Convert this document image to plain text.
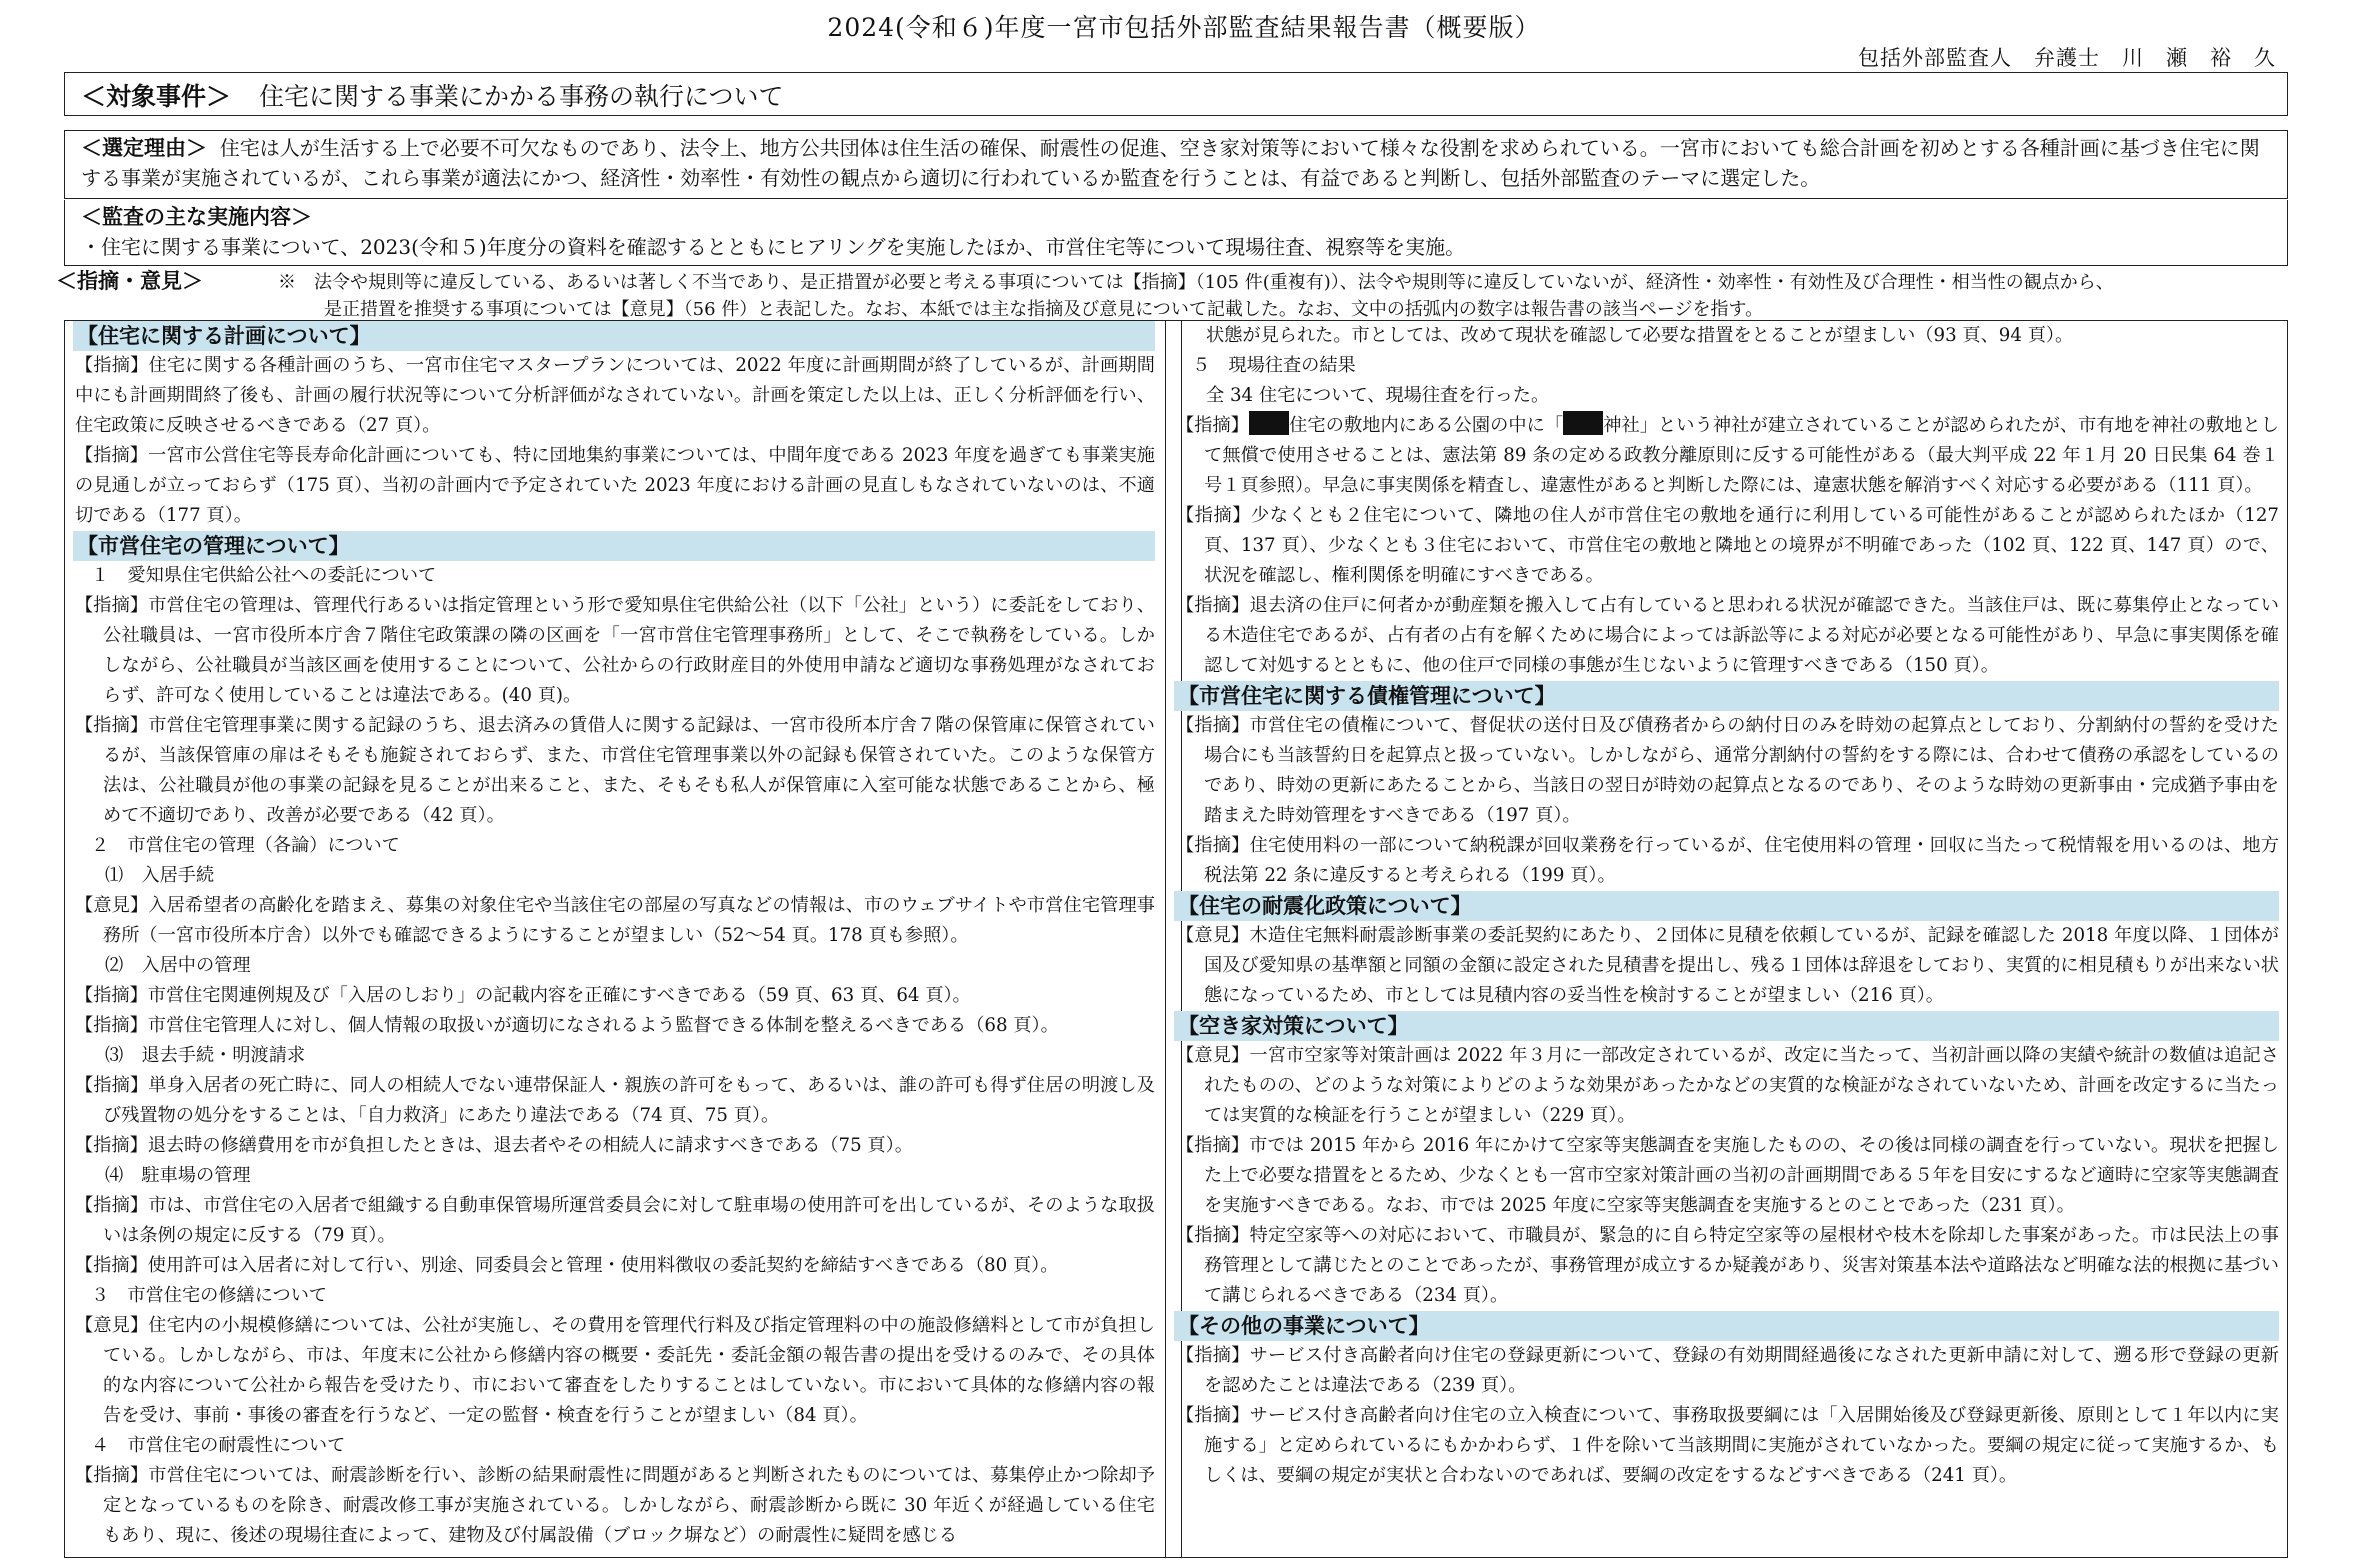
2024(令和６)年度一宮市包括外部監査結果報告書（概要版）
包括外部監査人　弁護士　川　瀬　裕　久
＜対象事件＞ 住宅に関する事業にかかる事務の執行について
＜選定理由＞ 住宅は人が生活する上で必要不可欠なものであり、法令上、地方公共団体は住生活の確保、耐震性の促進、空き家対策等において様々な役割を求められている。一宮市においても総合計画を初めとする各種計画に基づき住宅に関する事業が実施されているが、これら事業が適法にかつ、経済性・効率性・有効性の観点から適切に行われているか監査を行うことは、有益であると判断し、包括外部監査のテーマに選定した。
＜監査の主な実施内容＞
・住宅に関する事業について、2023(令和５)年度分の資料を確認するとともにヒアリングを実施したほか、市営住宅等について現場往査、視察等を実施。
＜指摘・意見＞	※　法令や規則等に違反している、あるいは著しく不当であり、是正措置が必要と考える事項については【指摘】（105 件(重複有)）、法令や規則等に違反していないが、経済性・効率性・有効性及び合理性・相当性の観点から、
是正措置を推奨する事項については【意見】（56 件）と表記した。なお、本紙では主な指摘及び意見について記載した。なお、文中の括弧内の数字は報告書の該当ページを指す。
【住宅に関する計画について】
【指摘】住宅に関する各種計画のうち、一宮市住宅マスタープランについては、2022 年度に計画期間が終了しているが、計画期間中にも計画期間終了後も、計画の履行状況等について分析評価がなされていない。計画を策定した以上は、正しく分析評価を行い、住宅政策に反映させるべきである（27 頁）。
【指摘】一宮市公営住宅等長寿命化計画についても、特に団地集約事業については、中間年度である 2023 年度を過ぎても事業実施の見通しが立っておらず（175 頁）、当初の計画内で予定されていた 2023 年度における計画の見直しもなされていないのは、不適切である（177 頁）。
【市営住宅の管理について】
１　愛知県住宅供給公社への委託について
【指摘】市営住宅の管理は、管理代行あるいは指定管理という形で愛知県住宅供給公社（以下「公社」という）に委託をしており、公社職員は、一宮市役所本庁舎７階住宅政策課の隣の区画を「一宮市営住宅管理事務所」として、そこで執務をしている。しかしながら、公社職員が当該区画を使用することについて、公社からの行政財産目的外使用申請など適切な事務処理がなされておらず、許可なく使用していることは違法である。(40 頁)。
【指摘】市営住宅管理事業に関する記録のうち、退去済みの賃借人に関する記録は、一宮市役所本庁舎７階の保管庫に保管されているが、当該保管庫の扉はそもそも施錠されておらず、また、市営住宅管理事業以外の記録も保管されていた。このような保管方法は、公社職員が他の事業の記録を見ることが出来ること、また、そもそも私人が保管庫に入室可能な状態であることから、極めて不適切であり、改善が必要である（42 頁）。
２　市営住宅の管理（各論）について
⑴　入居手続
【意見】入居希望者の高齢化を踏まえ、募集の対象住宅や当該住宅の部屋の写真などの情報は、市のウェブサイトや市営住宅管理事務所（一宮市役所本庁舎）以外でも確認できるようにすることが望ましい（52～54 頁。178 頁も参照）。
⑵　入居中の管理
【指摘】市営住宅関連例規及び「入居のしおり」の記載内容を正確にすべきである（59 頁、63 頁、64 頁）。
【指摘】市営住宅管理人に対し、個人情報の取扱いが適切になされるよう監督できる体制を整えるべきである（68 頁）。
⑶　退去手続・明渡請求
【指摘】単身入居者の死亡時に、同人の相続人でない連帯保証人・親族の許可をもって、あるいは、誰の許可も得ず住居の明渡し及び残置物の処分をすることは、「自力救済」にあたり違法である（74 頁、75 頁）。
【指摘】退去時の修繕費用を市が負担したときは、退去者やその相続人に請求すべきである（75 頁）。
⑷　駐車場の管理
【指摘】市は、市営住宅の入居者で組織する自動車保管場所運営委員会に対して駐車場の使用許可を出しているが、そのような取扱いは条例の規定に反する（79 頁）。
【指摘】使用許可は入居者に対して行い、別途、同委員会と管理・使用料徴収の委託契約を締結すべきである（80 頁）。
３　市営住宅の修繕について
【意見】住宅内の小規模修繕については、公社が実施し、その費用を管理代行料及び指定管理料の中の施設修繕料として市が負担している。しかしながら、市は、年度末に公社から修繕内容の概要・委託先・委託金額の報告書の提出を受けるのみで、その具体的な内容について公社から報告を受けたり、市において審査をしたりすることはしていない。市において具体的な修繕内容の報告を受け、事前・事後の審査を行うなど、一定の監督・検査を行うことが望ましい（84 頁）。
４　市営住宅の耐震性について
【指摘】市営住宅については、耐震診断を行い、診断の結果耐震性に問題があると判断されたものについては、募集停止かつ除却予定となっているものを除き、耐震改修工事が実施されている。しかしながら、耐震診断から既に 30 年近くが経過している住宅もあり、現に、後述の現場往査によって、建物及び付属設備（ブロック塀など）の耐震性に疑問を感じる
状態が見られた。市としては、改めて現状を確認して必要な措置をとることが望ましい（93 頁、94 頁）。
５　現場往査の結果
全 34 住宅について、現場往査を行った。
【指摘】 住宅の敷地内にある公園の中に「 神社」という神社が建立されていることが認められたが、市有地を神社の敷地として無償で使用させることは、憲法第 89 条の定める政教分離原則に反する可能性がある（最大判平成 22 年１月 20 日民集 64 巻１号１頁参照）。早急に事実関係を精査し、違憲性があると判断した際には、違憲状態を解消すべく対応する必要がある（111 頁）。
【指摘】少なくとも２住宅について、隣地の住人が市営住宅の敷地を通行に利用している可能性があることが認められたほか（127 頁、137 頁）、少なくとも３住宅において、市営住宅の敷地と隣地との境界が不明確であった（102 頁、122 頁、147 頁）ので、状況を確認し、権利関係を明確にすべきである。
【指摘】退去済の住戸に何者かが動産類を搬入して占有していると思われる状況が確認できた。当該住戸は、既に募集停止となっている木造住宅であるが、占有者の占有を解くために場合によっては訴訟等による対応が必要となる可能性があり、早急に事実関係を確認して対処するとともに、他の住戸で同様の事態が生じないように管理すべきである（150 頁）。
【市営住宅に関する債権管理について】
【指摘】市営住宅の債権について、督促状の送付日及び債務者からの納付日のみを時効の起算点としており、分割納付の誓約を受けた場合にも当該誓約日を起算点と扱っていない。しかしながら、通常分割納付の誓約をする際には、合わせて債務の承認をしているのであり、時効の更新にあたることから、当該日の翌日が時効の起算点となるのであり、そのような時効の更新事由・完成猶予事由を踏まえた時効管理をすべきである（197 頁）。
【指摘】住宅使用料の一部について納税課が回収業務を行っているが、住宅使用料の管理・回収に当たって税情報を用いるのは、地方税法第 22 条に違反すると考えられる（199 頁）。
【住宅の耐震化政策について】
【意見】木造住宅無料耐震診断事業の委託契約にあたり、２団体に見積を依頼しているが、記録を確認した 2018 年度以降、１団体が国及び愛知県の基準額と同額の金額に設定された見積書を提出し、残る１団体は辞退をしており、実質的に相見積もりが出来ない状態になっているため、市としては見積内容の妥当性を検討することが望ましい（216 頁）。
【空き家対策について】
【意見】一宮市空家等対策計画は 2022 年３月に一部改定されているが、改定に当たって、当初計画以降の実績や統計の数値は追記されたものの、どのような対策によりどのような効果があったかなどの実質的な検証がなされていないため、計画を改定するに当たっては実質的な検証を行うことが望ましい（229 頁）。
【指摘】市では 2015 年から 2016 年にかけて空家等実態調査を実施したものの、その後は同様の調査を行っていない。現状を把握した上で必要な措置をとるため、少なくとも一宮市空家対策計画の当初の計画期間である５年を目安にするなど適時に空家等実態調査を実施すべきである。なお、市では 2025 年度に空家等実態調査を実施するとのことであった（231 頁）。
【指摘】特定空家等への対応において、市職員が、緊急的に自ら特定空家等の屋根材や枝木を除却した事案があった。市は民法上の事務管理として講じたとのことであったが、事務管理が成立するか疑義があり、災害対策基本法や道路法など明確な法的根拠に基づいて講じられるべきである（234 頁）。
【その他の事業について】
【指摘】サービス付き高齢者向け住宅の登録更新について、登録の有効期間経過後になされた更新申請に対して、遡る形で登録の更新を認めたことは違法である（239 頁）。
【指摘】サービス付き高齢者向け住宅の立入検査について、事務取扱要綱には「入居開始後及び登録更新後、原則として１年以内に実施する」と定められているにもかかわらず、１件を除いて当該期間に実施がされていなかった。要綱の規定に従って実施するか、もしくは、要綱の規定が実状と合わないのであれば、要綱の改定をするなどすべきである（241 頁）。
